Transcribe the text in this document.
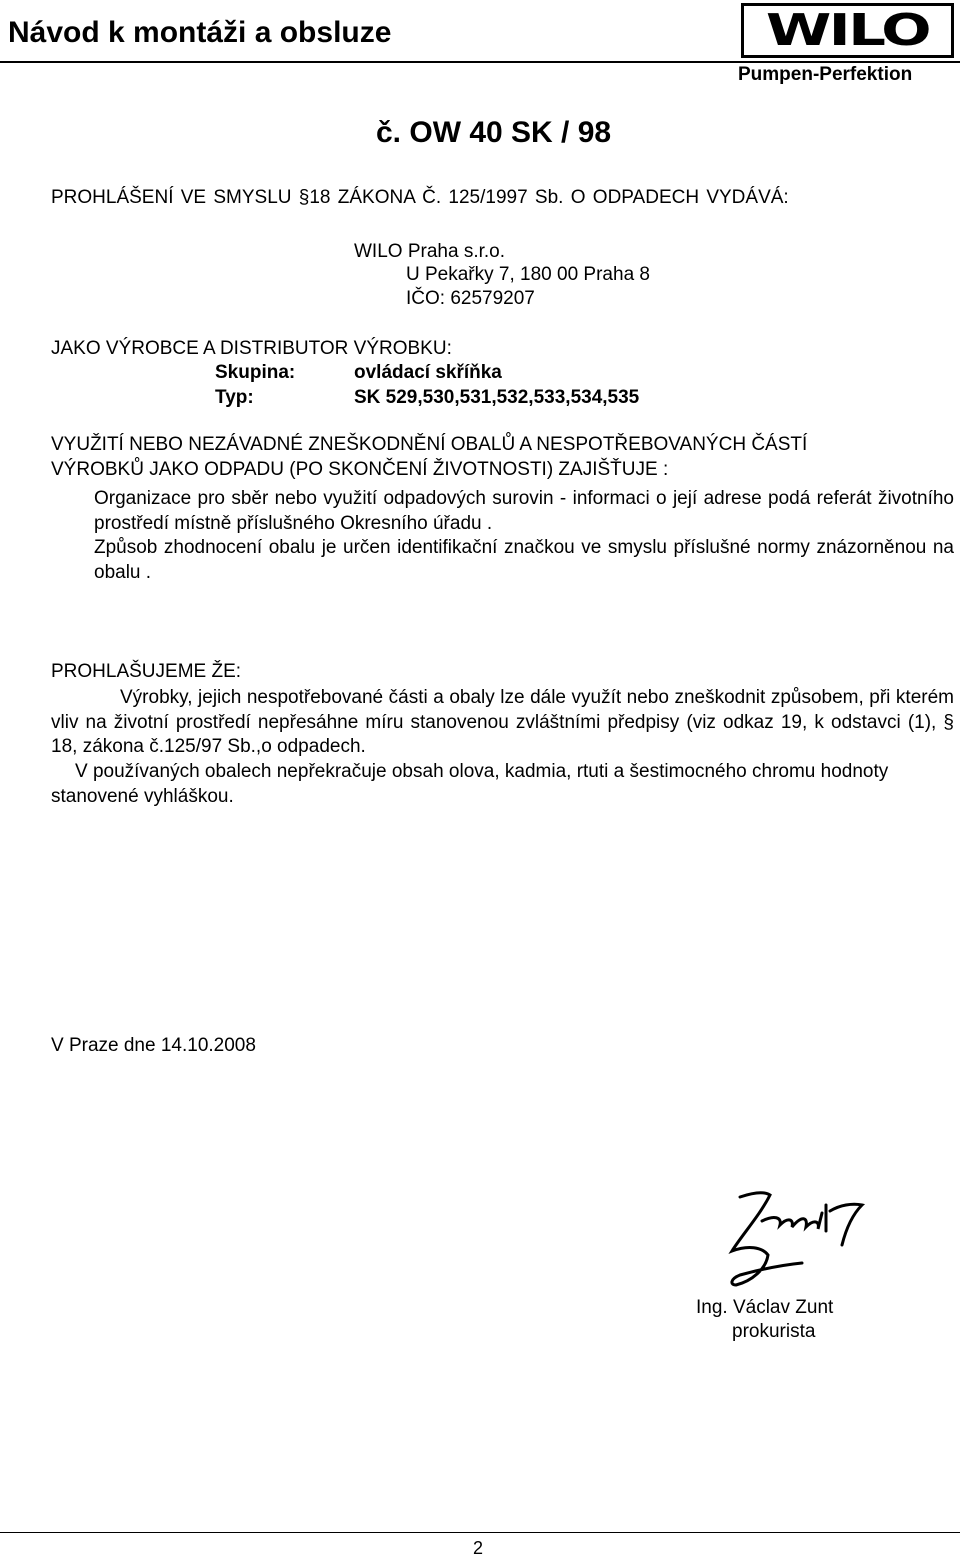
Návod k montáži a obsluze	WILO
Pumpen-Perfektion
č. OW 40 SK / 98
PROHLÁŠENÍ VE SMYSLU §18 ZÁKONA Č. 125/1997 Sb. O ODPADECH VYDÁVÁ:
WILO Praha s.r.o.
U Pekařky 7, 180 00 Praha 8
IČO: 62579207
JAKO VÝROBCE A DISTRIBUTOR VÝROBKU:
Skupina:	ovládací skříňka
Typ:	SK 529,530,531,532,533,534,535
VYUŽITÍ NEBO NEZÁVADNÉ ZNEŠKODNĚNÍ OBALŮ A NESPOTŘEBOVANÝCH ČÁSTÍ
VÝROBKŮ JAKO ODPADU (PO SKONČENÍ ŽIVOTNOSTI) ZAJIŠŤUJE :
Organizace pro sběr nebo využití odpadových surovin - informaci o její adrese podá referát životního prostředí místně příslušného Okresního úřadu .
Způsob zhodnocení obalu je určen identifikační značkou ve smyslu příslušné normy znázorněnou na obalu .
PROHLAŠUJEME ŽE:
Výrobky, jejich nespotřebované části a obaly lze dále využít nebo zneškodnit způsobem, při kterém vliv na životní prostředí nepřesáhne míru stanovenou zvláštními předpisy (viz odkaz 19, k odstavci (1), § 18, zákona č.125/97 Sb.,o odpadech.
V používaných obalech nepřekračuje obsah olova, kadmia, rtuti a šestimocného chromu hodnoty stanovené vyhláškou.
V Praze dne 14.10.2008
Ing. Václav Zunt
prokurista
2
